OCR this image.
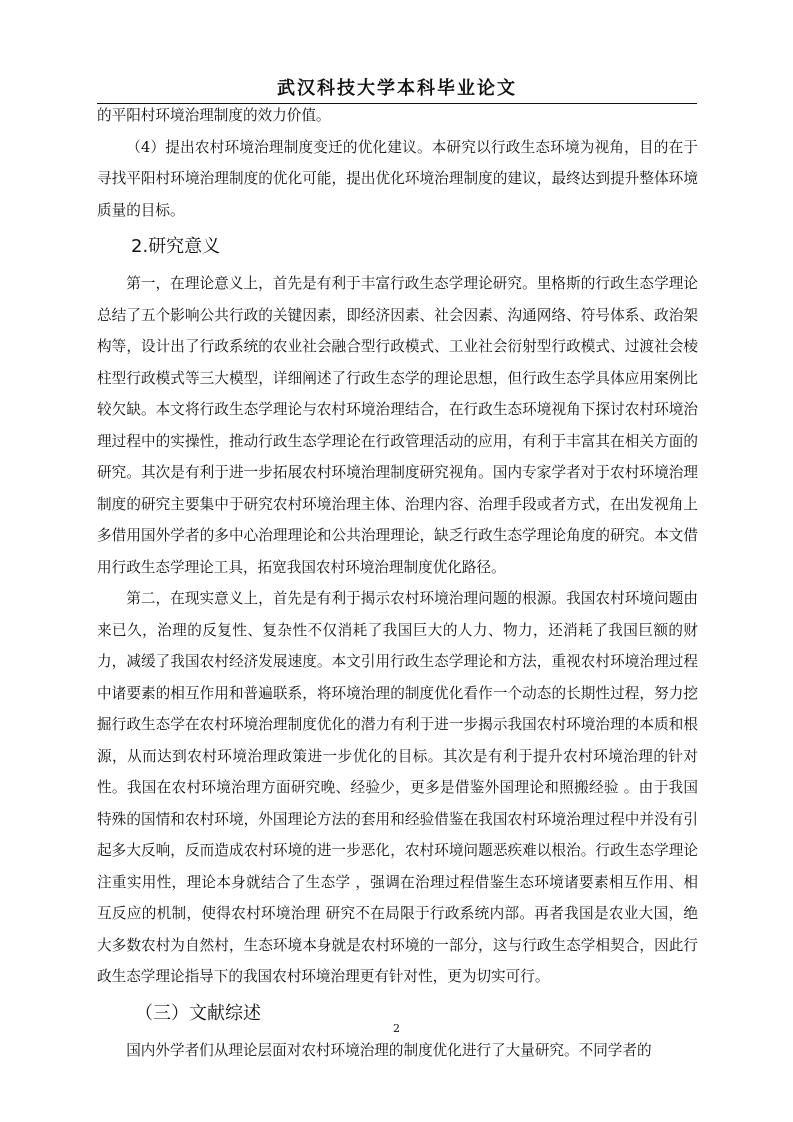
武汉科技大学本科毕业论文

的平阳村环境治理制度的效力价值。

（4）提出农村环境治理制度变迁的优化建议。本研究以行政生态环境为视角，目的在于寻找平阳村环境治理制度的优化可能，提出优化环境治理制度的建议，最终达到提升整体环境质量的目标。

2.研究意义

第一，在理论意义上，首先是有利于丰富行政生态学理论研究。里格斯的行政生态学理论总结了五个影响公共行政的关键因素，即经济因素、社会因素、沟通网络、符号体系、政治架构等，设计出了行政系统的农业社会融合型行政模式、工业社会衍射型行政模式、过渡社会棱柱型行政模式等三大模型，详细阐述了行政生态学的理论思想，但行政生态学具体应用案例比较欠缺。本文将行政生态学理论与农村环境治理结合，在行政生态环境视角下探讨农村环境治理过程中的实操性，推动行政生态学理论在行政管理活动的应用，有利于丰富其在相关方面的研究。其次是有利于进一步拓展农村环境治理制度研究视角。国内专家学者对于农村环境治理制度的研究主要集中于研究农村环境治理主体、治理内容、治理手段或者方式，在出发视角上多借用国外学者的多中心治理理论和公共治理理论，缺乏行政生态学理论角度的研究。本文借用行政生态学理论工具，拓宽我国农村环境治理制度优化路径。

第二，在现实意义上，首先是有利于揭示农村环境治理问题的根源。我国农村环境问题由来已久，治理的反复性、复杂性不仅消耗了我国巨大的人力、物力，还消耗了我国巨额的财力，减缓了我国农村经济发展速度。本文引用行政生态学理论和方法，重视农村环境治理过程中诸要素的相互作用和普遍联系，将环境治理的制度优化看作一个动态的长期性过程，努力挖掘行政生态学在农村环境治理制度优化的潜力有利于进一步揭示我国农村环境治理的本质和根源，从而达到农村环境治理政策进一步优化的目标。其次是有利于提升农村环境治理的针对性。我国在农村环境治理方面研究晚、经验少，更多是借鉴外国理论和照搬经验 。由于我国特殊的国情和农村环境，外国理论方法的套用和经验借鉴在我国农村环境治理过程中并没有引起多大反响，反而造成农村环境的进一步恶化，农村环境问题恶疾难以根治。行政生态学理论注重实用性，理论本身就结合了生态学 ，强调在治理过程借鉴生态环境诸要素相互作用、相互反应的机制，使得农村环境治理 研究不在局限于行政系统内部。再者我国是农业大国，绝大多数农村为自然村，生态环境本身就是农村环境的一部分，这与行政生态学相契合，因此行政生态学理论指导下的我国农村环境治理更有针对性，更为切实可行。

（三）文献综述

国内外学者们从理论层面对农村环境治理的制度优化进行了大量研究。不同学者的

2
